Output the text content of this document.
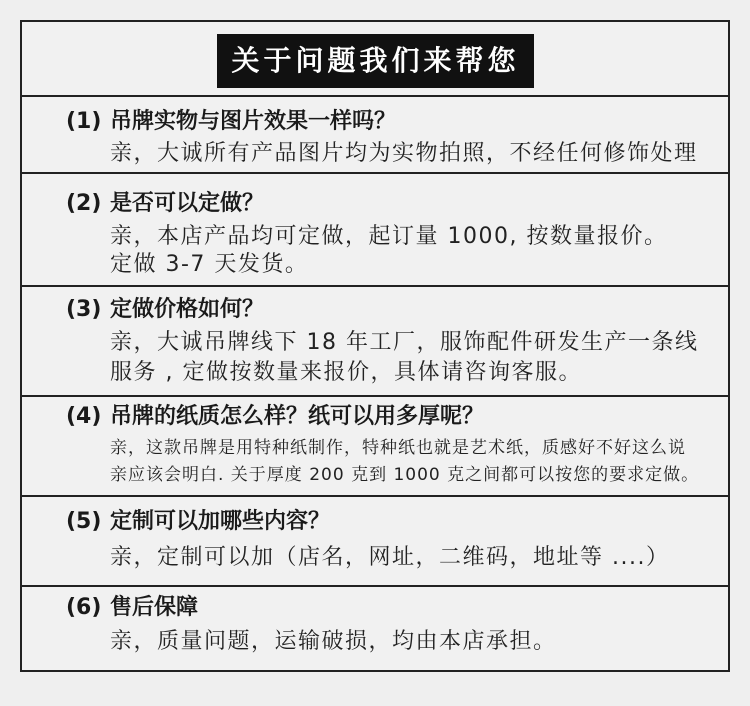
关于问题我们来帮您
(1) 吊牌实物与图片效果一样吗？
亲，大诚所有产品图片均为实物拍照，不经任何修饰处理
(2) 是否可以定做？
亲，本店产品均可定做，起订量 1000, 按数量报价。
定做 3-7 天发货。
(3) 定做价格如何？
亲，大诚吊牌线下 18 年工厂，服饰配件研发生产一条线
服务 , 定做按数量来报价，具体请咨询客服。
(4) 吊牌的纸质怎么样？纸可以用多厚呢？
亲，这款吊牌是用特种纸制作，特种纸也就是艺术纸，质感好不好这么说
亲应该会明白. 关于厚度 200 克到 1000 克之间都可以按您的要求定做。
(5) 定制可以加哪些内容？
亲，定制可以加（店名，网址，二维码，地址等 ....）
(6) 售后保障
亲，质量问题，运输破损，均由本店承担。
